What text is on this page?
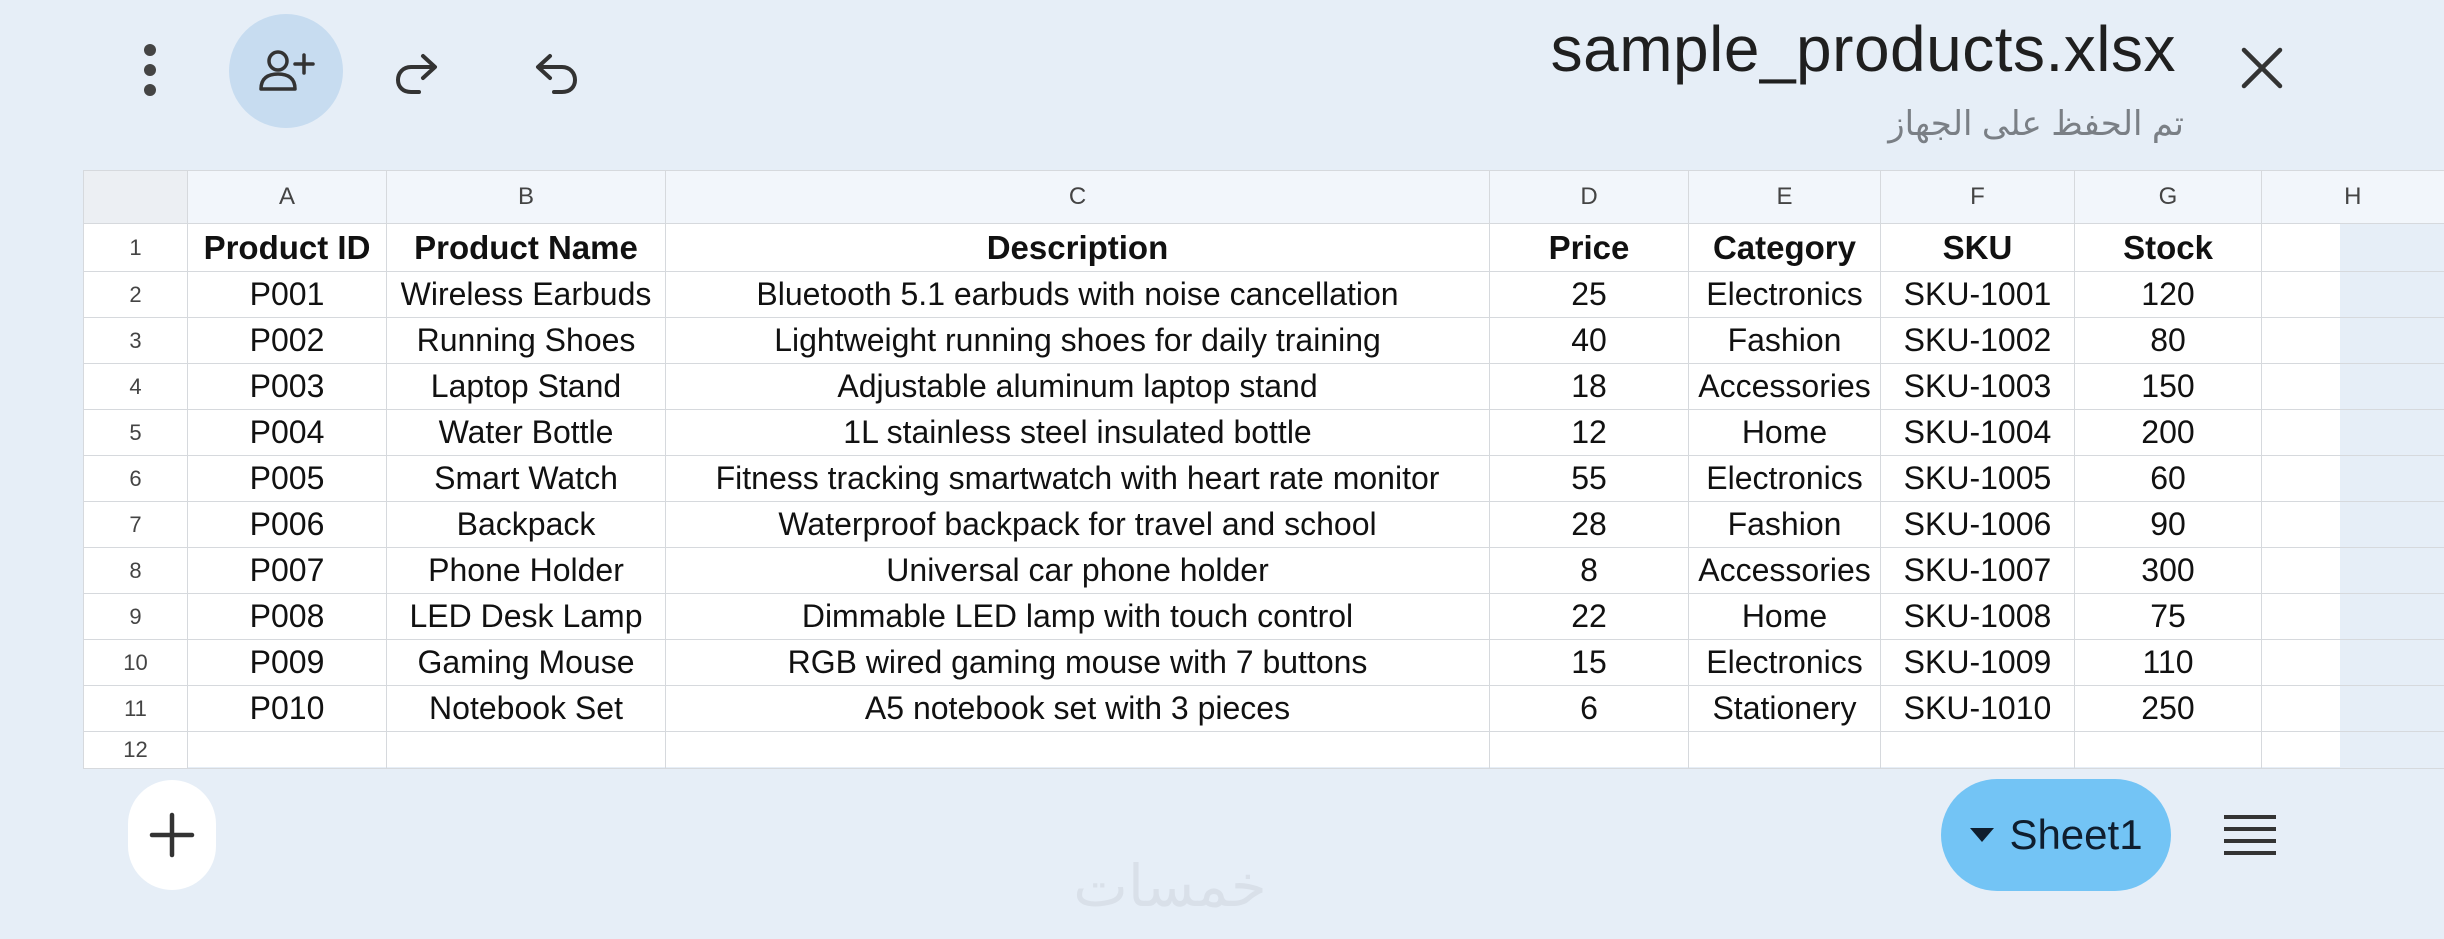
sample_products.xlsx
تم الحفظ على الجهاز
	A	B	C	D	E	F	G	H
1	Product ID	Product Name	Description	Price	Category	SKU	Stock	
2	P001	Wireless Earbuds	Bluetooth 5.1 earbuds with noise cancellation	25	Electronics	SKU-1001	120	
3	P002	Running Shoes	Lightweight running shoes for daily training	40	Fashion	SKU-1002	80	
4	P003	Laptop Stand	Adjustable aluminum laptop stand	18	Accessories	SKU-1003	150	
5	P004	Water Bottle	1L stainless steel insulated bottle	12	Home	SKU-1004	200	
6	P005	Smart Watch	Fitness tracking smartwatch with heart rate monitor	55	Electronics	SKU-1005	60	
7	P006	Backpack	Waterproof backpack for travel and school	28	Fashion	SKU-1006	90	
8	P007	Phone Holder	Universal car phone holder	8	Accessories	SKU-1007	300	
9	P008	LED Desk Lamp	Dimmable LED lamp with touch control	22	Home	SKU-1008	75	
10	P009	Gaming Mouse	RGB wired gaming mouse with 7 buttons	15	Electronics	SKU-1009	110	
11	P010	Notebook Set	A5 notebook set with 3 pieces	6	Stationery	SKU-1010	250	
12								
خمسات
Sheet1
